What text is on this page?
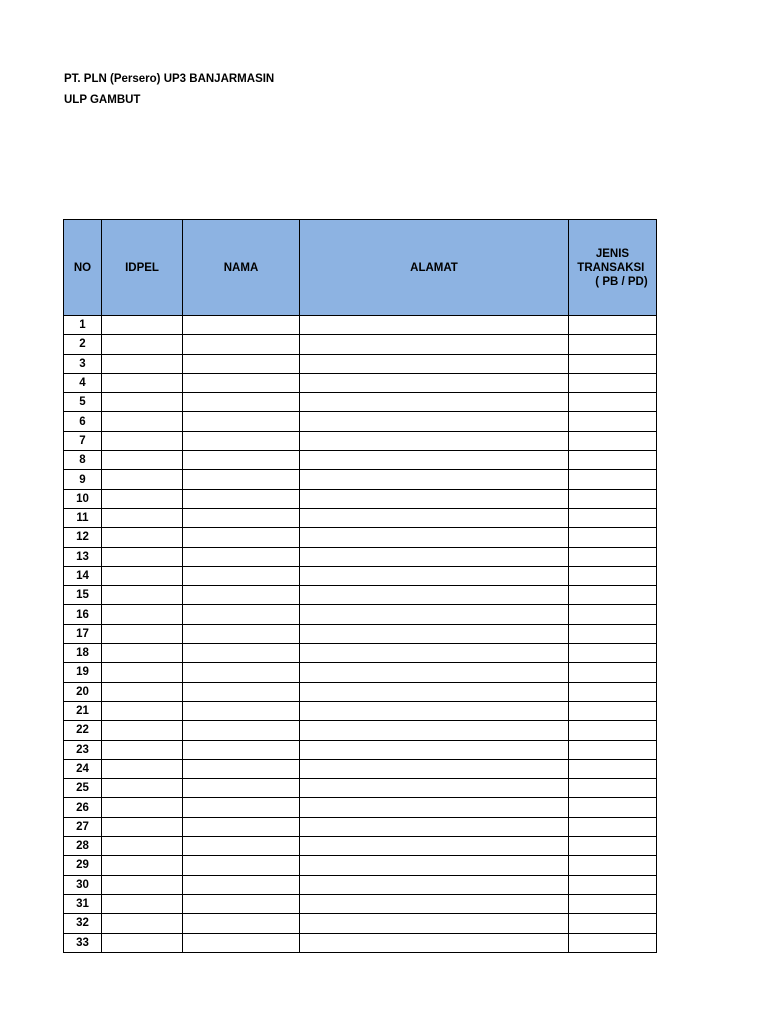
PT. PLN (Persero) UP3 BANJARMASIN
ULP GAMBUT
NO	IDPEL	NAMA	ALAMAT	JENIS
TRANSAKSI
( PB / PD)

1				
2				
3				
4				
5				
6				
7				
8				
9				
10				
11				
12				
13				
14				
15				
16				
17				
18				
19				
20				
21				
22				
23				
24				
25				
26				
27				
28				
29				
30				
31				
32				
33				
